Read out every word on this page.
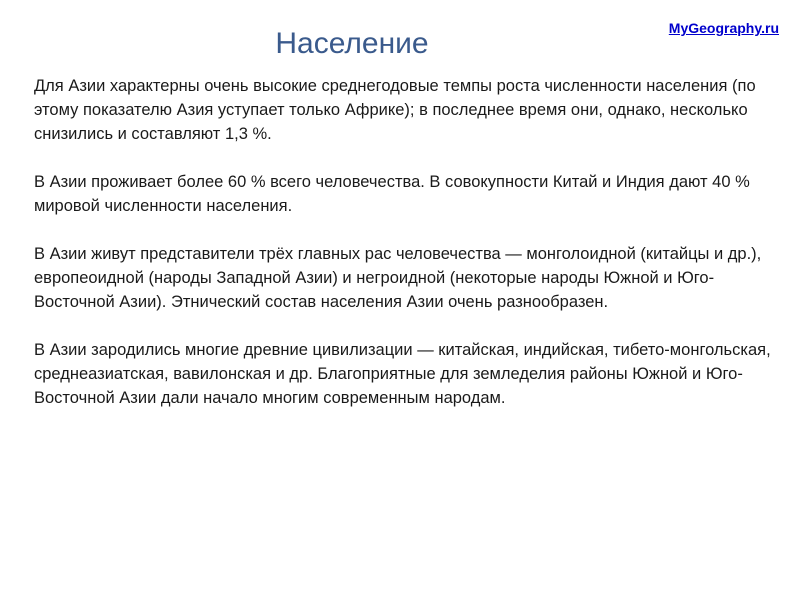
Население	MyGeography.ru

Для Азии характерны очень высокие среднегодовые темпы роста численности населения (по этому показателю Азия уступает только Африке); в последнее время они, однако, несколько снизились и составляют 1,3 %.

В Азии проживает более 60 % всего человечества. В совокупности Китай и Индия дают 40 % мировой численности населения.

В Азии живут представители трёх главных рас человечества — монголоидной (китайцы и др.), европеоидной (народы Западной Азии) и негроидной (некоторые народы Южной и Юго-Восточной Азии). Этнический состав населения Азии очень разнообразен.

В Азии зародились многие древние цивилизации — китайская, индийская, тибето-монгольская, среднеазиатская, вавилонская и др. Благоприятные для земледелия районы Южной и Юго-Восточной Азии дали начало многим современным народам.
